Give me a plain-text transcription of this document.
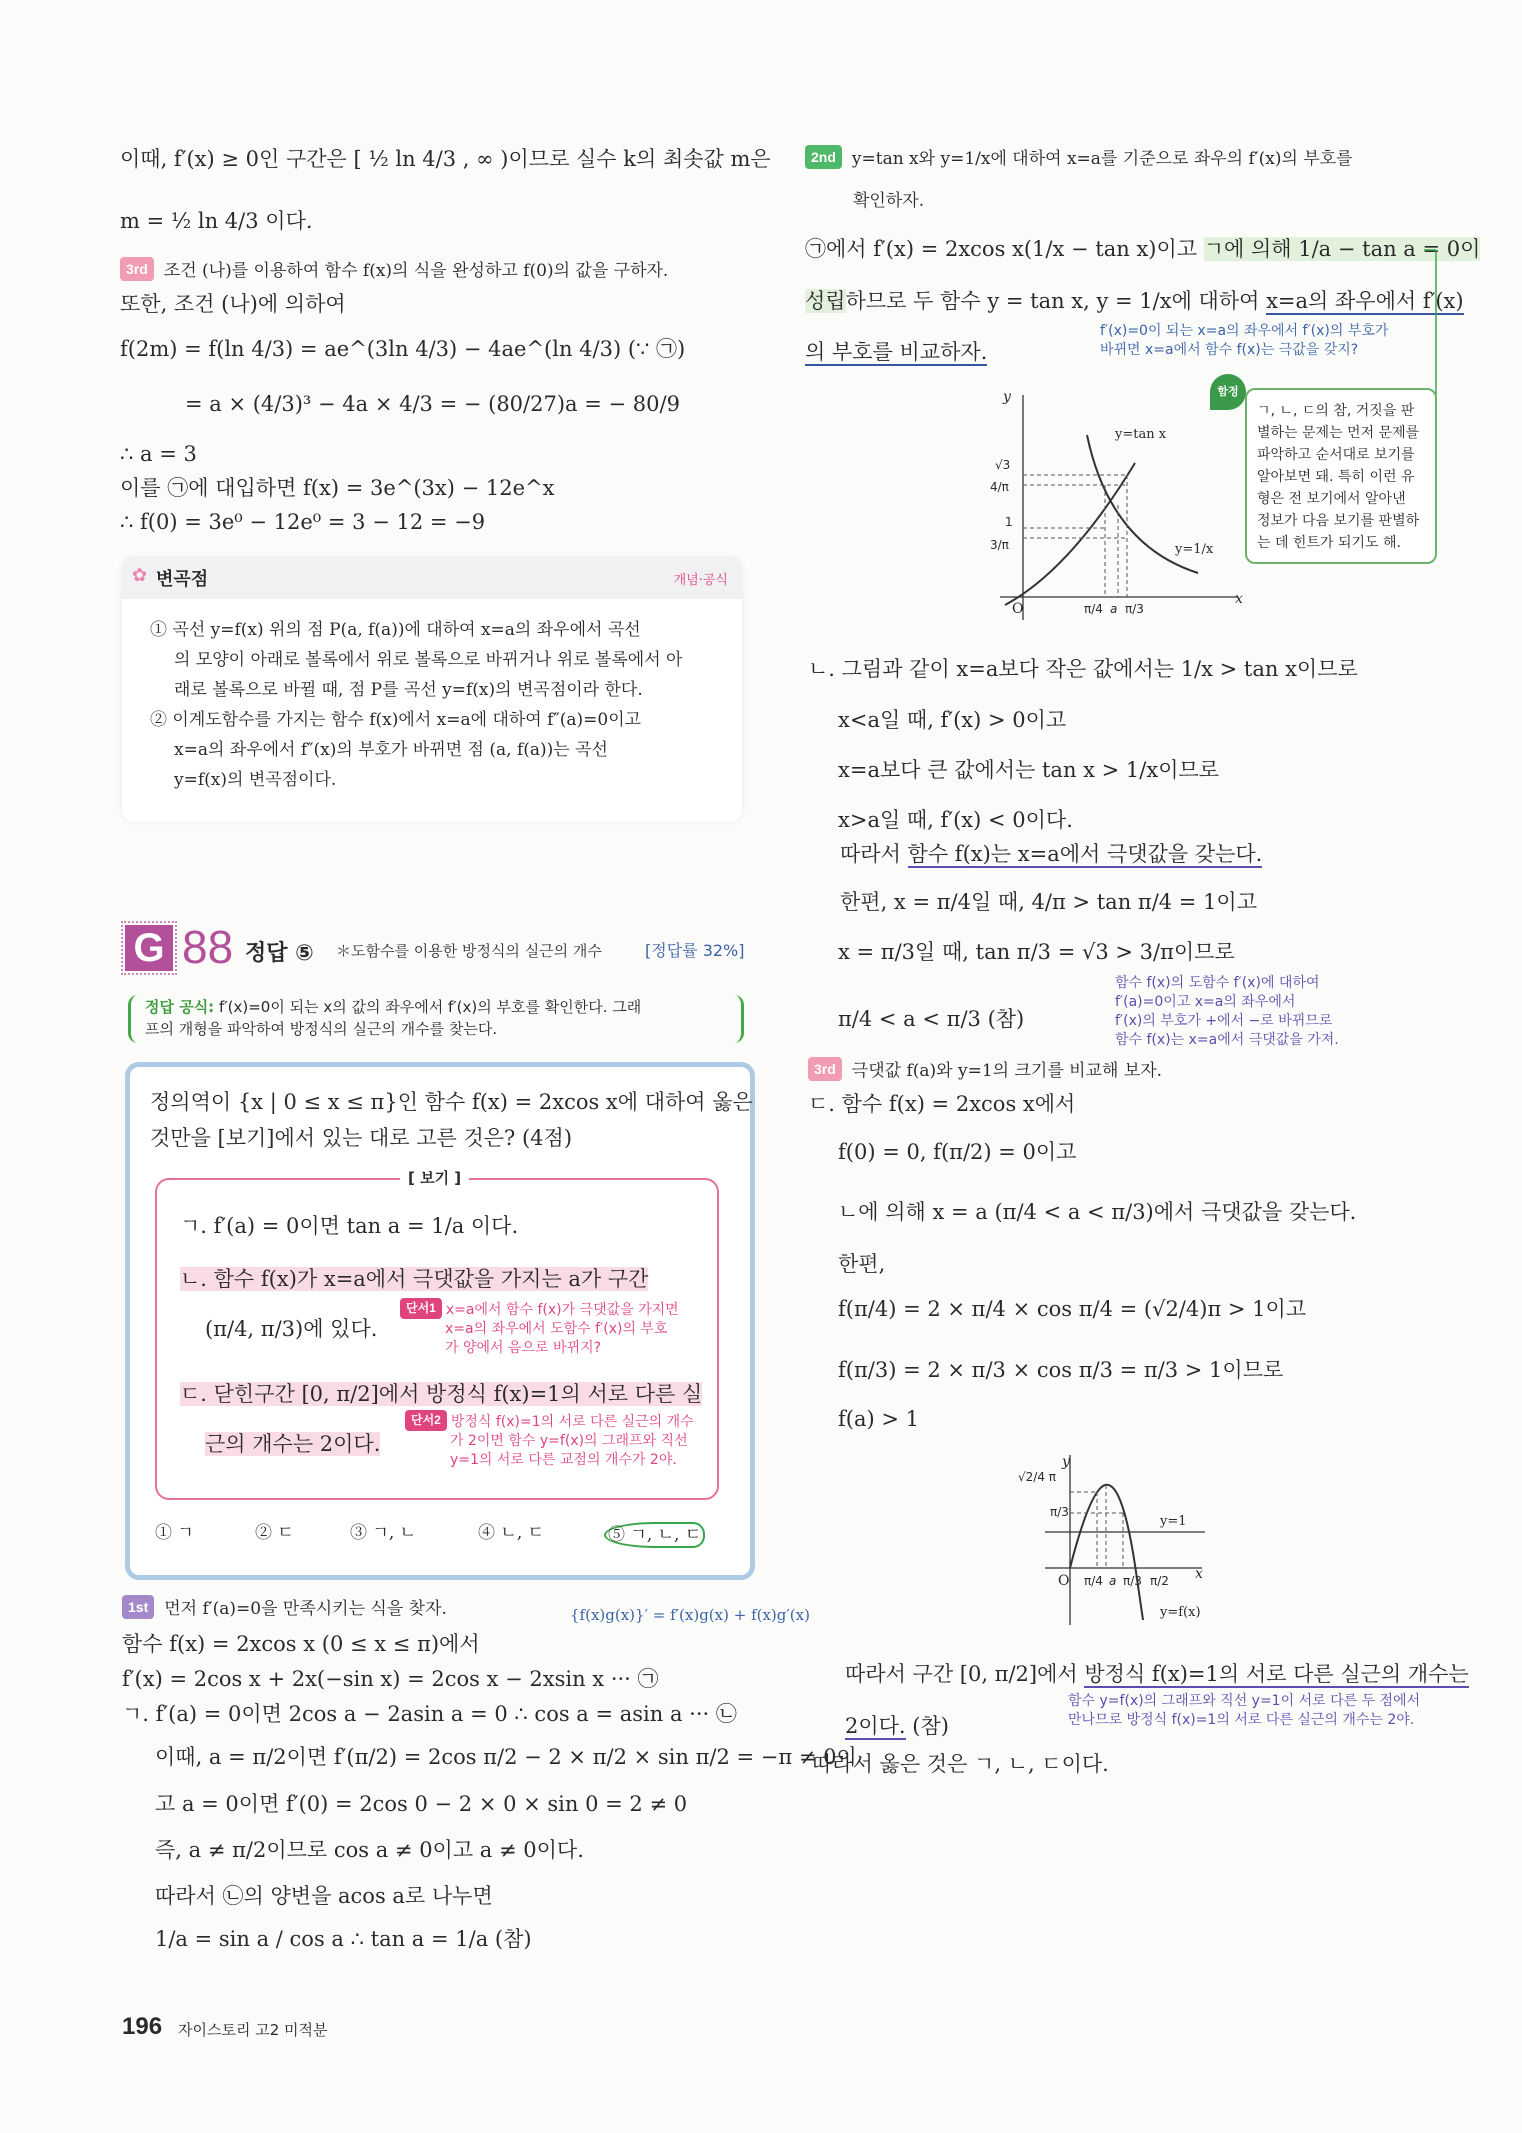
이때, f′(x) ≥ 0인 구간은 [ ½ ln 4/3 , ∞ )이므로 실수 k의 최솟값 m은
m = ½ ln 4/3 이다.
3rd 조건 (나)를 이용하여 함수 f(x)의 식을 완성하고 f(0)의 값을 구하자.
또한, 조건 (나)에 의하여
f(2m) = f(ln 4/3) = ae^(3ln 4/3) − 4ae^(ln 4/3) (∵ ㉠)
= a × (4/3)³ − 4a × 4/3 = − (80/27)a = − 80/9
∴ a = 3
이를 ㉠에 대입하면 f(x) = 3e^(3x) − 12e^x
∴ f(0) = 3e⁰ − 12e⁰ = 3 − 12 = −9
✿ 변곡점	개념·공식
① 곡선 y=f(x) 위의 점 P(a, f(a))에 대하여 x=a의 좌우에서 곡선
의 모양이 아래로 볼록에서 위로 볼록으로 바뀌거나 위로 볼록에서 아
래로 볼록으로 바뀔 때, 점 P를 곡선 y=f(x)의 변곡점이라 한다.
② 이계도함수를 가지는 함수 f(x)에서 x=a에 대하여 f″(a)=0이고
x=a의 좌우에서 f″(x)의 부호가 바뀌면 점 (a, f(a))는 곡선
y=f(x)의 변곡점이다.
G 88 정답 ⑤ ＊도함수를 이용한 방정식의 실근의 개수	[정답률 32%]
정답 공식: f′(x)=0이 되는 x의 값의 좌우에서 f′(x)의 부호를 확인한다. 그래
프의 개형을 파악하여 방정식의 실근의 개수를 찾는다.
정의역이 {x | 0 ≤ x ≤ π}인 함수 f(x) = 2xcos x에 대하여 옳은
것만을 [보기]에서 있는 대로 고른 것은? (4점)
[ 보기 ]
ㄱ. f′(a) = 0이면 tan a = 1/a 이다.
ㄴ. 함수 f(x)가 x=a에서 극댓값을 가지는 a가 구간
(π/4, π/3)에 있다.
ㄷ. 닫힌구간 [0, π/2]에서 방정식 f(x)=1의 서로 다른 실
근의 개수는 2이다.
단서1 x=a에서 함수 f(x)가 극댓값을 가지면
x=a의 좌우에서 도함수 f′(x)의 부호
가 양에서 음으로 바뀌지?
단서2 방정식 f(x)=1의 서로 다른 실근의 개수
가 2이면 함수 y=f(x)의 그래프와 직선
y=1의 서로 다른 교점의 개수가 2야.
① ㄱ	② ㄷ	③ ㄱ, ㄴ	④ ㄴ, ㄷ	⑤ ㄱ, ㄴ, ㄷ
1st 먼저 f′(a)=0을 만족시키는 식을 찾자.	{f(x)g(x)}′ = f′(x)g(x) + f(x)g′(x)
함수 f(x) = 2xcos x (0 ≤ x ≤ π)에서
f′(x) = 2cos x + 2x(−sin x) = 2cos x − 2xsin x ··· ㉠
ㄱ. f′(a) = 0이면 2cos a − 2asin a = 0 ∴ cos a = asin a ··· ㉡
이때, a = π/2이면 f′(π/2) = 2cos π/2 − 2 × π/2 × sin π/2 = −π ≠ 0이
고 a = 0이면 f′(0) = 2cos 0 − 2 × 0 × sin 0 = 2 ≠ 0
즉, a ≠ π/2이므로 cos a ≠ 0이고 a ≠ 0이다.
따라서 ㉡의 양변을 acos a로 나누면
1/a = sin a / cos a ∴ tan a = 1/a (참)
196 자이스토리 고2 미적분
2nd y=tan x와 y=1/x에 대하여 x=a를 기준으로 좌우의 f′(x)의 부호를
확인하자.
㉠에서 f′(x) = 2xcos x(1/x − tan x)이고 ㄱ에 의해 1/a − tan a = 0이
성립하므로 두 함수 y = tan x, y = 1/x에 대하여 x=a의 좌우에서 f′(x)
의 부호를 비교하자.
f′(x)=0이 되는 x=a의 좌우에서 f′(x)의 부호가
바뀌면 x=a에서 함수 f(x)는 극값을 갖지?
y
x
O
y=tan x
y=1/x
√3
4/π
1
3/π
π/4 a π/3
ㄱ, ㄴ, ㄷ의 참, 거짓을 판
별하는 문제는 먼저 문제를
파악하고 순서대로 보기를
알아보면 돼. 특히 이런 유
형은 전 보기에서 알아낸
정보가 다음 보기를 판별하
는 데 힌트가 되기도 해.
함정
ㄴ. 그림과 같이 x=a보다 작은 값에서는 1/x > tan x이므로
x<a일 때, f′(x) > 0이고
x=a보다 큰 값에서는 tan x > 1/x이므로
x>a일 때, f′(x) < 0이다.
따라서 함수 f(x)는 x=a에서 극댓값을 갖는다.
한편, x = π/4일 때, 4/π > tan π/4 = 1이고
x = π/3일 때, tan π/3 = √3 > 3/π이므로
π/4 < a < π/3 (참)
함수 f(x)의 도함수 f′(x)에 대하여
f′(a)=0이고 x=a의 좌우에서
f′(x)의 부호가 +에서 −로 바뀌므로
함수 f(x)는 x=a에서 극댓값을 가져.
3rd 극댓값 f(a)와 y=1의 크기를 비교해 보자.
ㄷ. 함수 f(x) = 2xcos x에서
f(0) = 0, f(π/2) = 0이고
ㄴ에 의해 x = a (π/4 < a < π/3)에서 극댓값을 갖는다.
한편,
f(π/4) = 2 × π/4 × cos π/4 = (√2/4)π > 1이고
f(π/3) = 2 × π/3 × cos π/3 = π/3 > 1이므로
f(a) > 1
y
x
O
√2/4 π
π/3
y=1
π/4 a π/3 π/2
y=f(x)
따라서 구간 [0, π/2]에서 방정식 f(x)=1의 서로 다른 실근의 개수는
2이다. (참)
함수 y=f(x)의 그래프와 직선 y=1이 서로 다른 두 점에서
만나므로 방정식 f(x)=1의 서로 다른 실근의 개수는 2야.
따라서 옳은 것은 ㄱ, ㄴ, ㄷ이다.
